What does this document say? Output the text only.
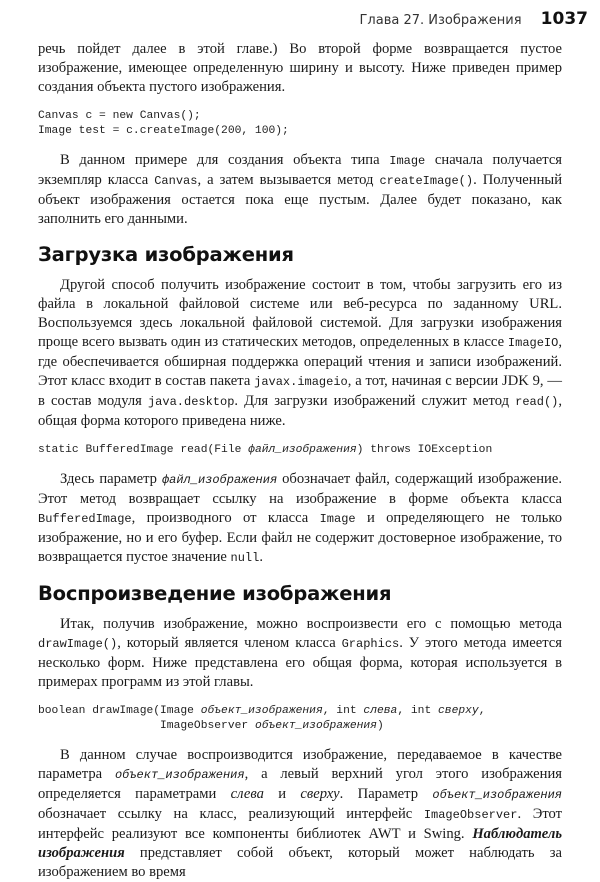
Глава 27. Изображения 1037

речь пойдет далее в этой главе.) Во второй форме возвращается пустое изображение, имеющее определенную ширину и высоту. Ниже приведен пример создания объекта пустого изображения.

Canvas c = new Canvas();
Image test = c.createImage(200, 100);

В данном примере для создания объекта типа Image сначала получается экземпляр класса Canvas, а затем вызывается метод createImage(). Полученный объект изображения остается пока еще пустым. Далее будет показано, как заполнить его данными.

Загрузка изображения

Другой способ получить изображение состоит в том, чтобы загрузить его из файла в локальной файловой системе или веб-ресурса по заданному URL. Воспользуемся здесь локальной файловой системой. Для загрузки изображения проще всего вызвать один из статических методов, определенных в классе ImageIO, где обеспечивается обширная поддержка операций чтения и записи изображений. Этот класс входит в состав пакета javax.imageio, а тот, начиная с версии JDK 9, — в состав модуля java.desktop. Для загрузки изображений служит метод read(), общая форма которого приведена ниже.

static BufferedImage read(File файл_изображения) throws IOException

Здесь параметр файл_изображения обозначает файл, содержащий изображение. Этот метод возвращает ссылку на изображение в форме объекта класса BufferedImage, производного от класса Image и определяющего не только изображение, но и его буфер. Если файл не содержит достоверное изображение, то возвращается пустое значение null.

Воспроизведение изображения

Итак, получив изображение, можно воспроизвести его с помощью метода drawImage(), который является членом класса Graphics. У этого метода имеется несколько форм. Ниже представлена его общая форма, которая используется в примерах программ из этой главы.

boolean drawImage(Image объект_изображения, int слева, int сверху,
ImageObserver объект_изображения)

В данном случае воспроизводится изображение, передаваемое в качестве параметра объект_изображения, а левый верхний угол этого изображения определяется параметрами слева и сверху. Параметр объект_изображения обозначает ссылку на класс, реализующий интерфейс ImageObserver. Этот интерфейс реализуют все компоненты библиотек AWT и Swing. Наблюдатель изображения представляет собой объект, который может наблюдать за изображением во время
